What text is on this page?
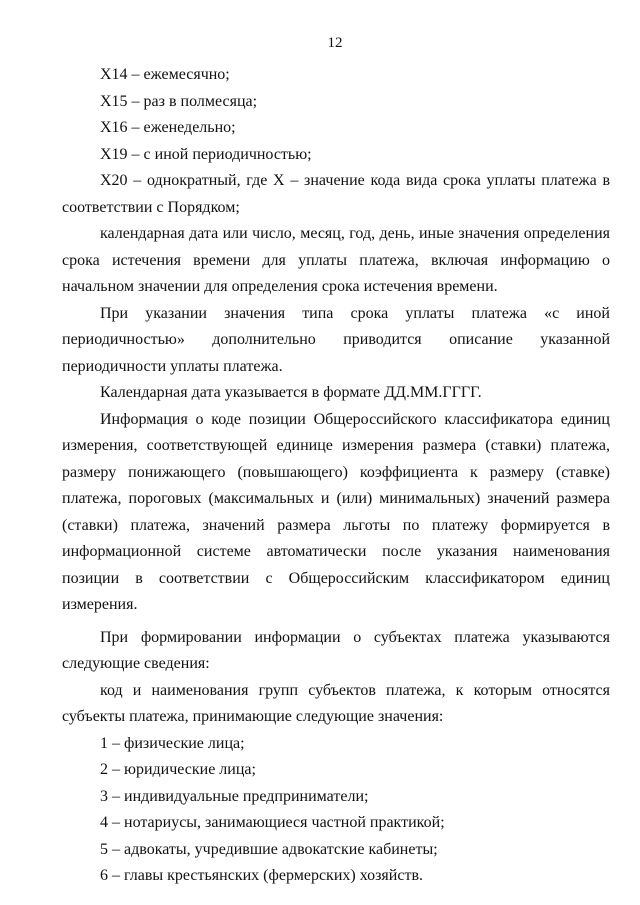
12

Х14 – ежемесячно;

Х15 – раз в полмесяца;

Х16 – еженедельно;

Х19 – с иной периодичностью;

Х20 – однократный, где Х – значение кода вида срока уплаты платежа в соответствии с Порядком;

календарная дата или число, месяц, год, день, иные значения определения срока истечения времени для уплаты платежа, включая информацию о начальном значении для определения срока истечения времени.

При указании значения типа срока уплаты платежа «с иной периодичностью» дополнительно приводится описание указанной периодичности уплаты платежа.

Календарная дата указывается в формате ДД.ММ.ГГГГ.

Информация о коде позиции Общероссийского классификатора единиц измерения, соответствующей единице измерения размера (ставки) платежа, размеру понижающего (повышающего) коэффициента к размеру (ставке) платежа, пороговых (максимальных и (или) минимальных) значений размера (ставки) платежа, значений размера льготы по платежу формируется в информационной системе автоматически после указания наименования позиции в соответствии с Общероссийским классификатором единиц измерения.

При формировании информации о субъектах платежа указываются следующие сведения:

код и наименования групп субъектов платежа, к которым относятся субъекты платежа, принимающие следующие значения:

1 – физические лица;

2 – юридические лица;

3 – индивидуальные предприниматели;

4 – нотариусы, занимающиеся частной практикой;

5 – адвокаты, учредившие адвокатские кабинеты;

6 – главы крестьянских (фермерских) хозяйств.
